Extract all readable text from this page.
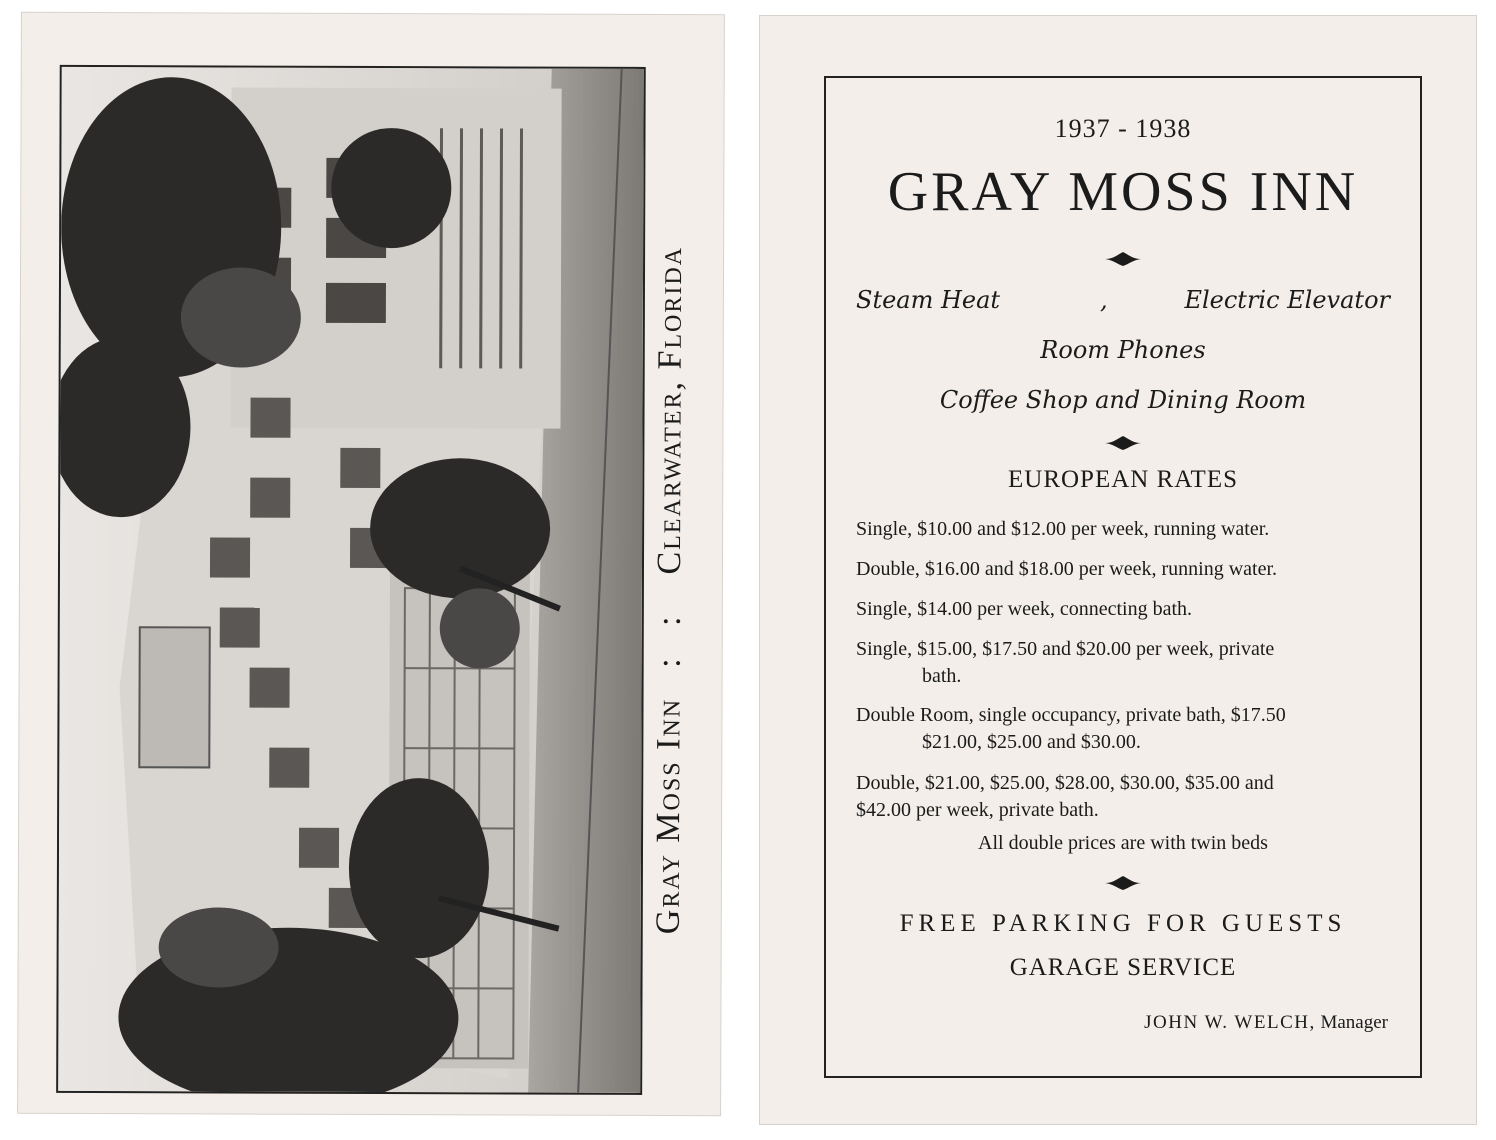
Gray Moss Inn
: :
Clearwater, Florida
1937 - 1938
GRAY MOSS INN
Steam Heat	,	Electric Elevator
Room Phones
Coffee Shop and Dining Room
EUROPEAN RATES
Single, $10.00 and $12.00 per week, running water.
Double, $16.00 and $18.00 per week, running water.
Single, $14.00 per week, connecting bath.
Single, $15.00, $17.50 and $20.00 per week, private
bath.
Double Room, single occupancy, private bath, $17.50
$21.00, $25.00 and $30.00.
Double, $21.00, $25.00, $28.00, $30.00, $35.00 and
$42.00 per week, private bath.
All double prices are with twin beds
FREE PARKING FOR GUESTS
GARAGE SERVICE
JOHN W. WELCH, Manager
